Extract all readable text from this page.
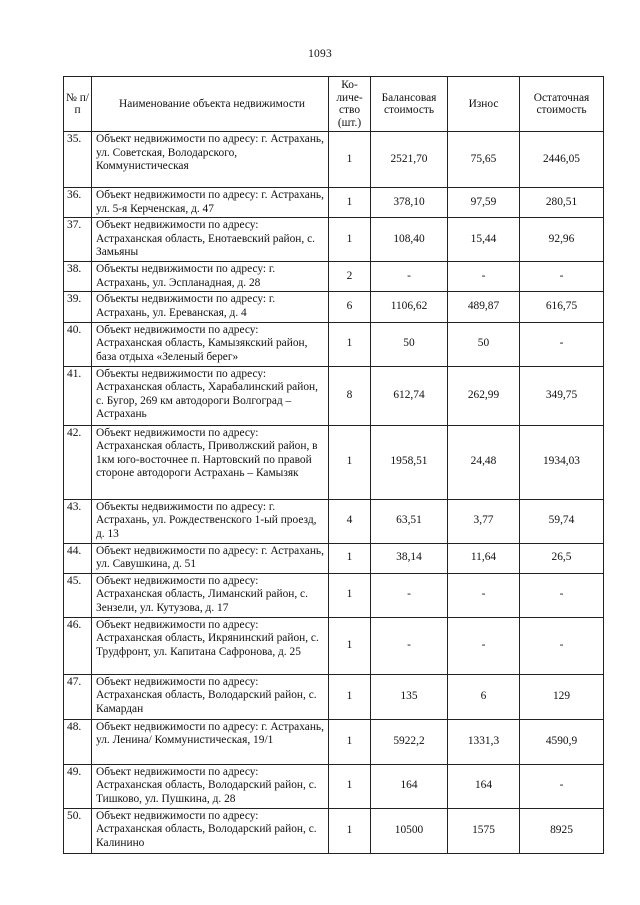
1093
№ п/п	Наименование объекта недвижимости	Ко-личе-ство (шт.)	Балансовая стоимость	Износ	Остаточная стоимость
35.	Объект недвижимости по адресу: г. Астрахань, ул. Советская, Володарского, Коммунистическая	1	2521,70	75,65	2446,05
36.	Объект недвижимости по адресу: г. Астрахань, ул. 5-я Керченская, д. 47	1	378,10	97,59	280,51
37.	Объект недвижимости по адресу: Астраханская область, Енотаевский район, с. Замьяны	1	108,40	15,44	92,96
38.	Объекты недвижимости по адресу: г. Астрахань, ул. Эспланадная, д. 28	2	-	-	-
39.	Объекты недвижимости по адресу: г. Астрахань, ул. Ереванская, д. 4	6	1106,62	489,87	616,75
40.	Объект недвижимости по адресу: Астраханская область, Камызякский район, база отдыха «Зеленый берег»	1	50	50	-
41.	Объекты недвижимости по адресу: Астраханская область, Харабалинский район, с. Бугор, 269 км автодороги Волгоград – Астрахань	8	612,74	262,99	349,75
42.	Объект недвижимости по адресу: Астраханская область, Приволжский район, в 1км юго-восточнее п. Нартовский по правой стороне автодороги Астрахань – Камызяк	1	1958,51	24,48	1934,03
43.	Объекты недвижимости по адресу: г. Астрахань, ул. Рождественского 1-ый проезд, д. 13	4	63,51	3,77	59,74
44.	Объект недвижимости по адресу: г. Астрахань, ул. Савушкина, д. 51	1	38,14	11,64	26,5
45.	Объект недвижимости по адресу: Астраханская область, Лиманский район, с. Зензели, ул. Кутузова, д. 17	1	-	-	-
46.	Объект недвижимости по адресу: Астраханская область, Икрянинский район, с. Трудфронт, ул. Капитана Сафронова, д. 25	1	-	-	-
47.	Объект недвижимости по адресу: Астраханская область, Володарский район, с. Камардан	1	135	6	129
48.	Объект недвижимости по адресу: г. Астрахань, ул. Ленина/ Коммунистическая, 19/1	1	5922,2	1331,3	4590,9
49.	Объект недвижимости по адресу: Астраханская область, Володарский район, с. Тишково, ул. Пушкина, д. 28	1	164	164	-
50.	Объект недвижимости по адресу: Астраханская область, Володарский район, с. Калинино	1	10500	1575	8925
